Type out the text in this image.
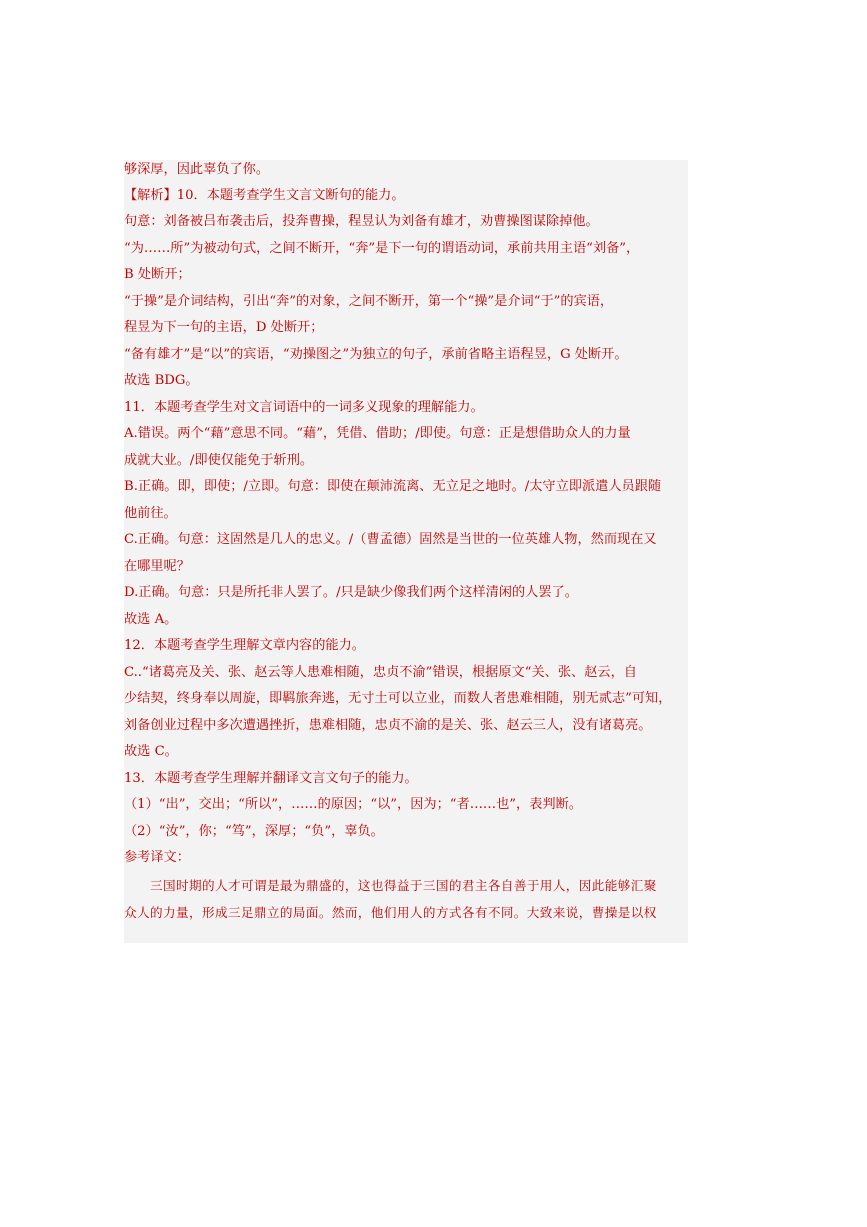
够深厚，因此辜负了你。
【解析】10．本题考查学生文言文断句的能力。
句意：刘备被吕布袭击后，投奔曹操，程昱认为刘备有雄才，劝曹操图谋除掉他。
“为……所”为被动句式，之间不断开，“奔”是下一句的谓语动词，承前共用主语“刘备”，
B 处断开；
“于操”是介词结构，引出“奔”的对象，之间不断开，第一个“操”是介词“于”的宾语，
程昱为下一句的主语，D 处断开；
“备有雄才”是“以”的宾语，“劝操图之”为独立的句子，承前省略主语程昱，G 处断开。
故选 BDG。
11．本题考查学生对文言词语中的一词多义现象的理解能力。
A.错误。两个“藉”意思不同。“藉”，凭借、借助；/即使。句意：正是想借助众人的力量
成就大业。/即使仅能免于斩刑。
B.正确。即，即使；/立即。句意：即使在颠沛流离、无立足之地时。/太守立即派遣人员跟随
他前往。
C.正确。句意：这固然是几人的忠义。/（曹孟德）固然是当世的一位英雄人物，然而现在又
在哪里呢？
D.正确。句意：只是所托非人罢了。/只是缺少像我们两个这样清闲的人罢了。
故选 A。
12．本题考查学生理解文章内容的能力。
C..“诸葛亮及关、张、赵云等人患难相随，忠贞不渝”错误，根据原文“关、张、赵云，自
少结契，终身奉以周旋，即羁旅奔逃，无寸土可以立业，而数人者患难相随，别无贰志”可知，
刘备创业过程中多次遭遇挫折，患难相随，忠贞不渝的是关、张、赵云三人，没有诸葛亮。
故选 C。
13．本题考查学生理解并翻译文言文句子的能力。
（1）“出”，交出；“所以”，……的原因；“以”，因为；“者……也”，表判断。
（2）“汝”，你；“笃”，深厚；“负”，辜负。
参考译文：
三国时期的人才可谓是最为鼎盛的，这也得益于三国的君主各自善于用人，因此能够汇聚
众人的力量，形成三足鼎立的局面。然而，他们用人的方式各有不同。大致来说，曹操是以权
